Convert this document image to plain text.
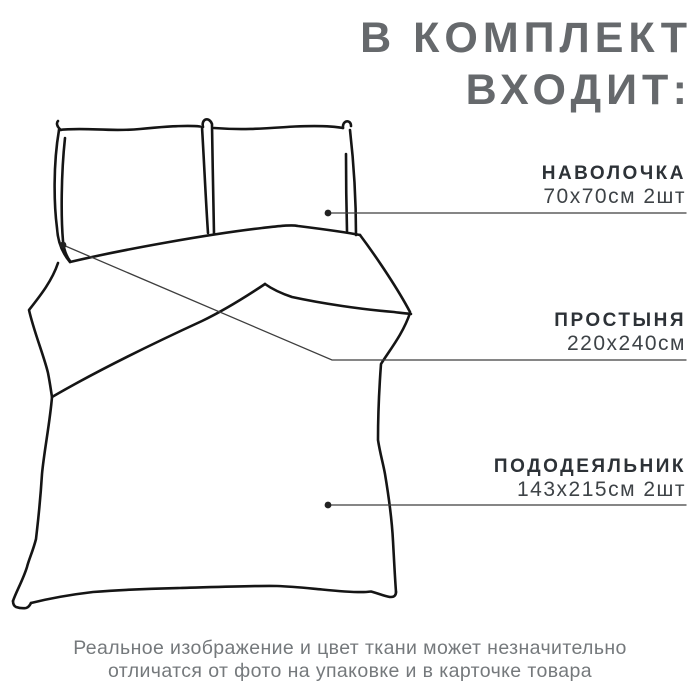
В КОМПЛЕКТ
ВХОДИТ:
НАВОЛОЧКА
70х70см 2шт
ПРОСТЫНЯ
220х240см
ПОДОДЕЯЛЬНИК
143х215см 2шт
Реальное изображение и цвет ткани может незначительно
отличатся от фото на упаковке и в карточке товара
